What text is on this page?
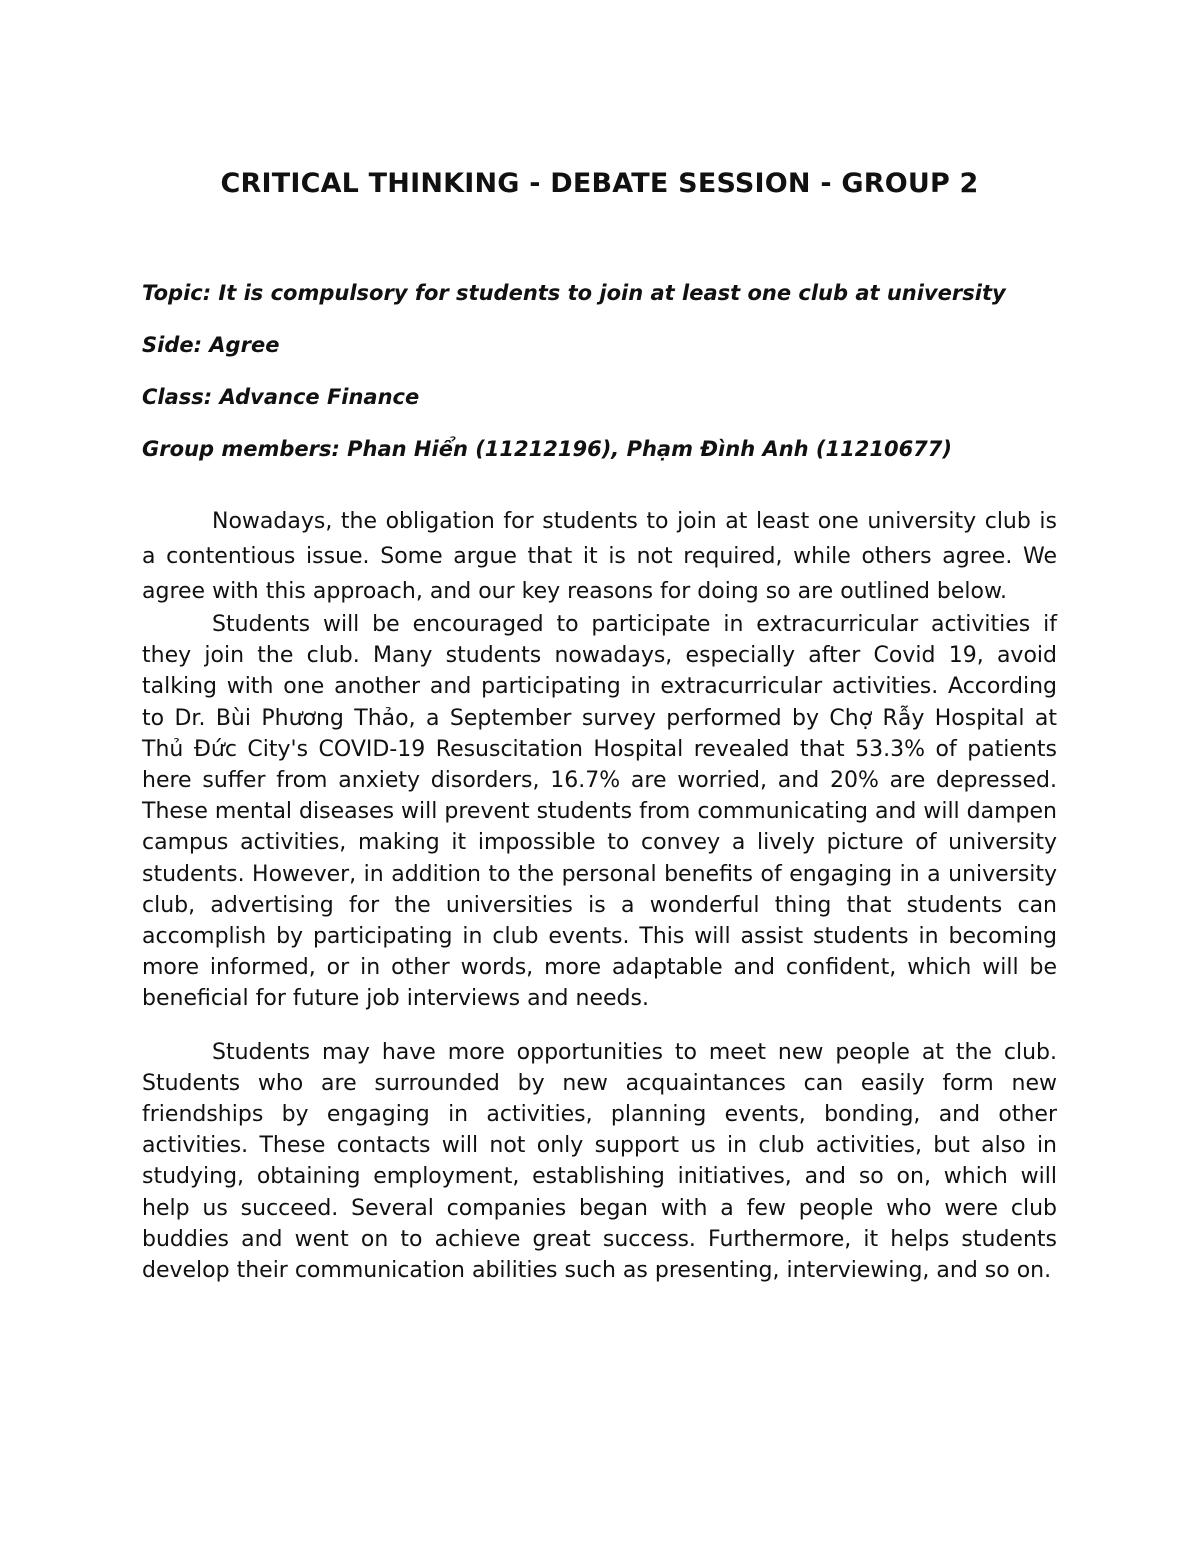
CRITICAL THINKING - DEBATE SESSION - GROUP 2

Topic: It is compulsory for students to join at least one club at university

Side: Agree

Class: Advance Finance

Group members: Phan Hiển (11212196), Phạm Đình Anh (11210677)

Nowadays, the obligation for students to join at least one university club is a contentious issue. Some argue that it is not required, while others agree. We agree with this approach, and our key reasons for doing so are outlined below.

Students will be encouraged to participate in extracurricular activities if they join the club. Many students nowadays, especially after Covid 19, avoid talking with one another and participating in extracurricular activities. According to Dr. Bùi Phương Thảo, a September survey performed by Chợ Rẫy Hospital at Thủ Đức City's COVID-19 Resuscitation Hospital revealed that 53.3% of patients here suffer from anxiety disorders, 16.7% are worried, and 20% are depressed. These mental diseases will prevent students from communicating and will dampen campus activities, making it impossible to convey a lively picture of university students. However, in addition to the personal benefits of engaging in a university club, advertising for the universities is a wonderful thing that students can accomplish by participating in club events. This will assist students in becoming more informed, or in other words, more adaptable and confident, which will be beneficial for future job interviews and needs.

Students may have more opportunities to meet new people at the club. Students who are surrounded by new acquaintances can easily form new friendships by engaging in activities, planning events, bonding, and other activities. These contacts will not only support us in club activities, but also in studying, obtaining employment, establishing initiatives, and so on, which will help us succeed. Several companies began with a few people who were club buddies and went on to achieve great success. Furthermore, it helps students develop their communication abilities such as presenting, interviewing, and so on.
